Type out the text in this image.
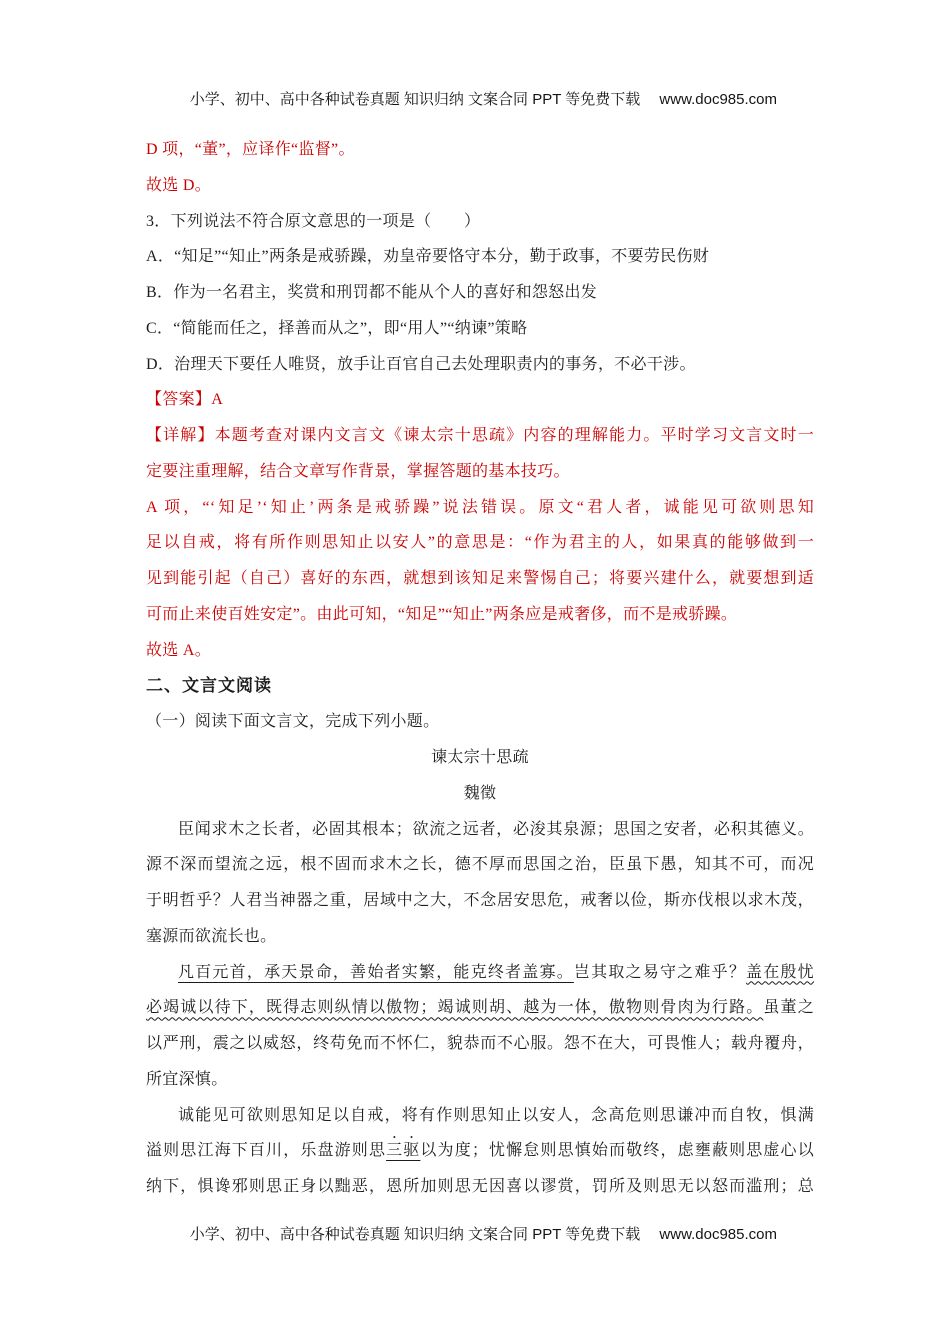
小学、初中、高中各种试卷真题 知识归纳 文案合同 PPT 等免费下载　 www.doc985.com

D 项，“董”，应译作“监督”。
故选 D。
3．下列说法不符合原文意思的一项是（　　）
A．“知足”“知止”两条是戒骄躁，劝皇帝要恪守本分，勤于政事，不要劳民伤财
B．作为一名君主，奖赏和刑罚都不能从个人的喜好和怨怒出发
C．“简能而任之，择善而从之”，即“用人”“纳谏”策略
D．治理天下要任人唯贤，放手让百官自己去处理职责内的事务，不必干涉。
【答案】A
【详解】本题考查对课内文言文《谏太宗十思疏》内容的理解能力。平时学习文言文时一
定要注重理解，结合文章写作背景，掌握答题的基本技巧。
A 项，“‘知足’‘知止’两条是戒骄躁”说法错误。原文“君人者，诚能见可欲则思知
足以自戒，将有所作则思知止以安人”的意思是：“作为君主的人，如果真的能够做到一
见到能引起（自己）喜好的东西，就想到该知足来警惕自己；将要兴建什么，就要想到适
可而止来使百姓安定”。由此可知，“知足”“知止”两条应是戒奢侈，而不是戒骄躁。
故选 A。
二、文言文阅读
（一）阅读下面文言文，完成下列小题。
谏太宗十思疏
魏徵
臣闻求木之长者，必固其根本；欲流之远者，必浚其泉源；思国之安者，必积其德义。
源不深而望流之远，根不固而求木之长，德不厚而思国之治，臣虽下愚，知其不可，而况
于明哲乎？人君当神器之重，居域中之大，不念居安思危，戒奢以俭，斯亦伐根以求木茂，
塞源而欲流长也。
凡百元首，承天景命，善始者实繁，能克终者盖寡。岂其取之易守之难乎？盖在殷忧
必竭诚以待下，既得志则纵情以傲物；竭诚则胡、越为一体，傲物则骨肉为行路。虽董之
以严刑，震之以威怒，终苟免而不怀仁，貌恭而不心服。怨不在大，可畏惟人；载舟覆舟，
所宜深慎。
诚能见可欲则思知足以自戒，将有作则思知止以安人，念高危则思谦冲而自牧，惧满
溢则思江海下百川，乐盘游则思三驱以为度；忧懈怠则思慎始而敬终，虑壅蔽则思虚心以
纳下，惧谗邪则思正身以黜恶，恩所加则思无因喜以谬赏，罚所及则思无以怒而滥刑；总

小学、初中、高中各种试卷真题 知识归纳 文案合同 PPT 等免费下载　 www.doc985.com
